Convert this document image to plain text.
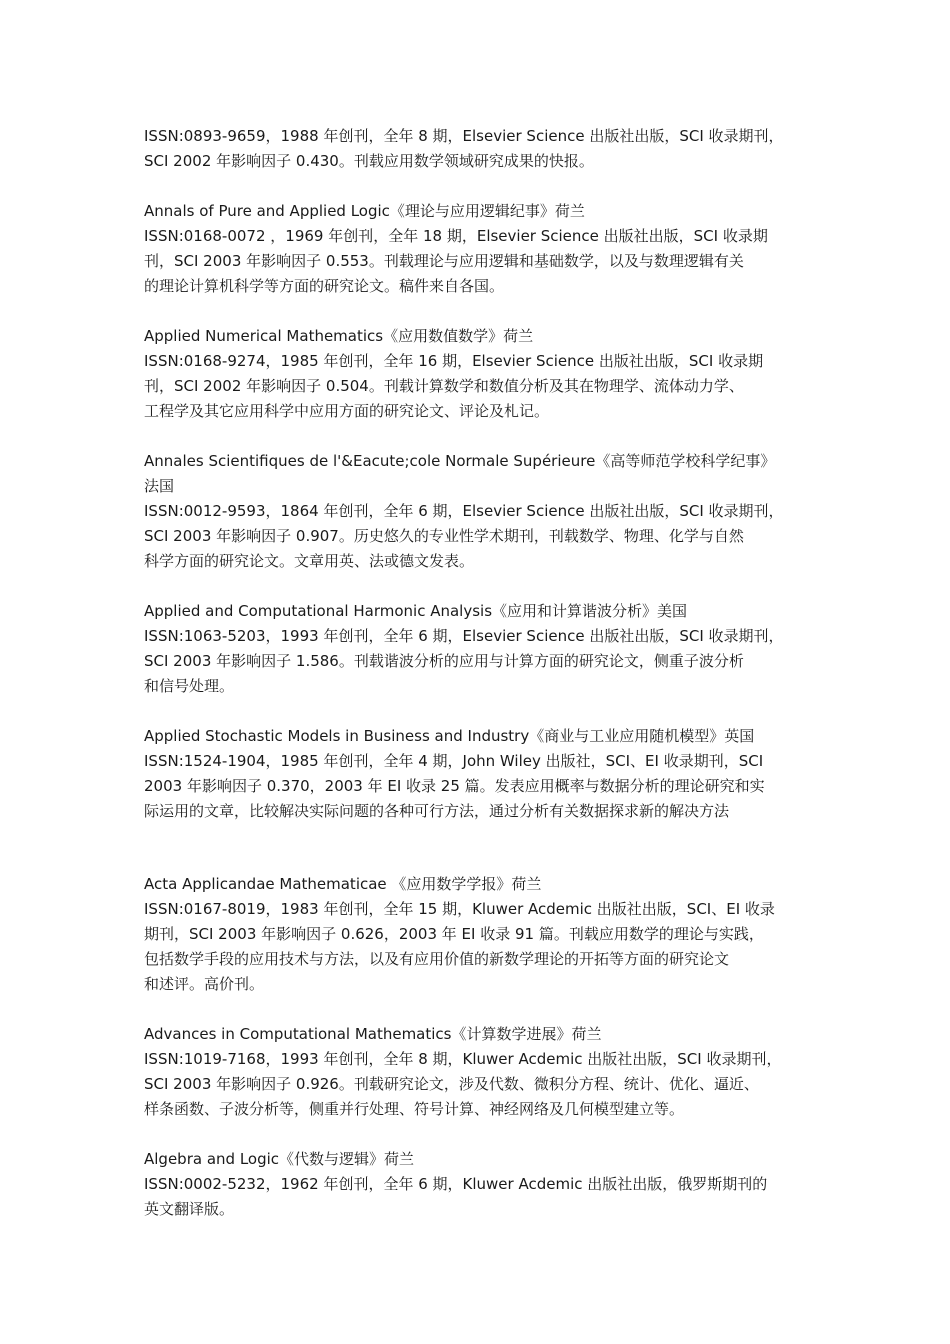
ISSN:0893-9659，1988 年创刊，全年 8 期，Elsevier Science 出版社出版，SCI 收录期刊，
SCI 2002 年影响因子 0.430。刊载应用数学领域研究成果的快报。
Annals of Pure and Applied Logic《理论与应用逻辑纪事》荷兰
ISSN:0168-0072 ，1969 年创刊，全年 18 期，Elsevier Science 出版社出版，SCI 收录期
刊，SCI 2003 年影响因子 0.553。刊载理论与应用逻辑和基础数学，以及与数理逻辑有关
的理论计算机科学等方面的研究论文。稿件来自各国。
Applied Numerical Mathematics《应用数值数学》荷兰
ISSN:0168-9274，1985 年创刊，全年 16 期，Elsevier Science 出版社出版，SCI 收录期
刊，SCI 2002 年影响因子 0.504。刊载计算数学和数值分析及其在物理学、流体动力学、
工程学及其它应用科学中应用方面的研究论文、评论及札记。
Annales Scientifiques de l'&Eacute;cole Normale Supérieure《高等师范学校科学纪事》
法国
ISSN:0012-9593，1864 年创刊，全年 6 期，Elsevier Science 出版社出版，SCI 收录期刊，
SCI 2003 年影响因子 0.907。历史悠久的专业性学术期刊，刊载数学、物理、化学与自然
科学方面的研究论文。文章用英、法或德文发表。
Applied and Computational Harmonic Analysis《应用和计算谐波分析》美国
ISSN:1063-5203，1993 年创刊，全年 6 期，Elsevier Science 出版社出版，SCI 收录期刊，
SCI 2003 年影响因子 1.586。刊载谐波分析的应用与计算方面的研究论文，侧重子波分析
和信号处理。
Applied Stochastic Models in Business and Industry《商业与工业应用随机模型》英国
ISSN:1524-1904，1985 年创刊，全年 4 期，John Wiley 出版社，SCI、EI 收录期刊，SCI
2003 年影响因子 0.370，2003 年 EI 收录 25 篇。发表应用概率与数据分析的理论研究和实
际运用的文章，比较解决实际问题的各种可行方法，通过分析有关数据探求新的解决方法
Acta Applicandae Mathematicae 《应用数学学报》荷兰
ISSN:0167-8019，1983 年创刊，全年 15 期，Kluwer Acdemic 出版社出版，SCI、EI 收录
期刊，SCI 2003 年影响因子 0.626，2003 年 EI 收录 91 篇。刊载应用数学的理论与实践，
包括数学手段的应用技术与方法，以及有应用价值的新数学理论的开拓等方面的研究论文
和述评。高价刊。
Advances in Computational Mathematics《计算数学进展》荷兰
ISSN:1019-7168，1993 年创刊，全年 8 期，Kluwer Acdemic 出版社出版，SCI 收录期刊，
SCI 2003 年影响因子 0.926。刊载研究论文，涉及代数、微积分方程、统计、优化、逼近、
样条函数、子波分析等，侧重并行处理、符号计算、神经网络及几何模型建立等。
Algebra and Logic《代数与逻辑》荷兰
ISSN:0002-5232，1962 年创刊，全年 6 期，Kluwer Acdemic 出版社出版，俄罗斯期刊的
英文翻译版。
